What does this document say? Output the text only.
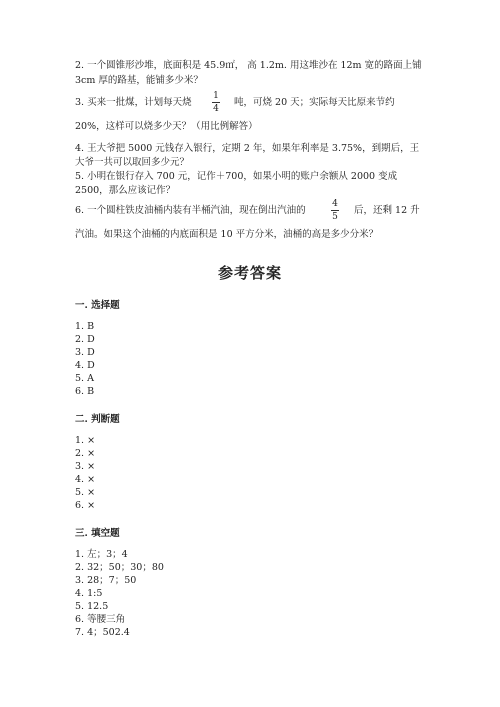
2. 一个圆锥形沙堆，底面积是 45.9㎡， 高 1.2m. 用这堆沙在 12m 宽的路面上铺
3cm 厚的路基，能铺多少米？
3. 买来一批煤，计划每天烧
1
4
吨，可烧 20 天；实际每天比原来节约
20%，这样可以烧多少天？（用比例解答）
4. 王大爷把 5000 元钱存入银行，定期 2 年，如果年利率是 3.75%，到期后，王
大爷一共可以取回多少元？
5. 小明在银行存入 700 元，记作＋700，如果小明的账户余额从 2000 变成
2500，那么应该记作？
6. 一个圆柱铁皮油桶内装有半桶汽油，现在倒出汽油的
4
5
后，还剩 12 升
汽油。如果这个油桶的内底面积是 10 平方分米，油桶的高是多少分米？
参考答案
一. 选择题
1. B
2. D
3. D
4. D
5. A
6. B
二. 判断题
1. ×
2. ×
3. ×
4. ×
5. ×
6. ×
三. 填空题
1. 左；3；4
2. 32；50；30；80
3. 28；7；50
4. 1:5
5. 12.5
6. 等腰三角
7. 4；502.4
